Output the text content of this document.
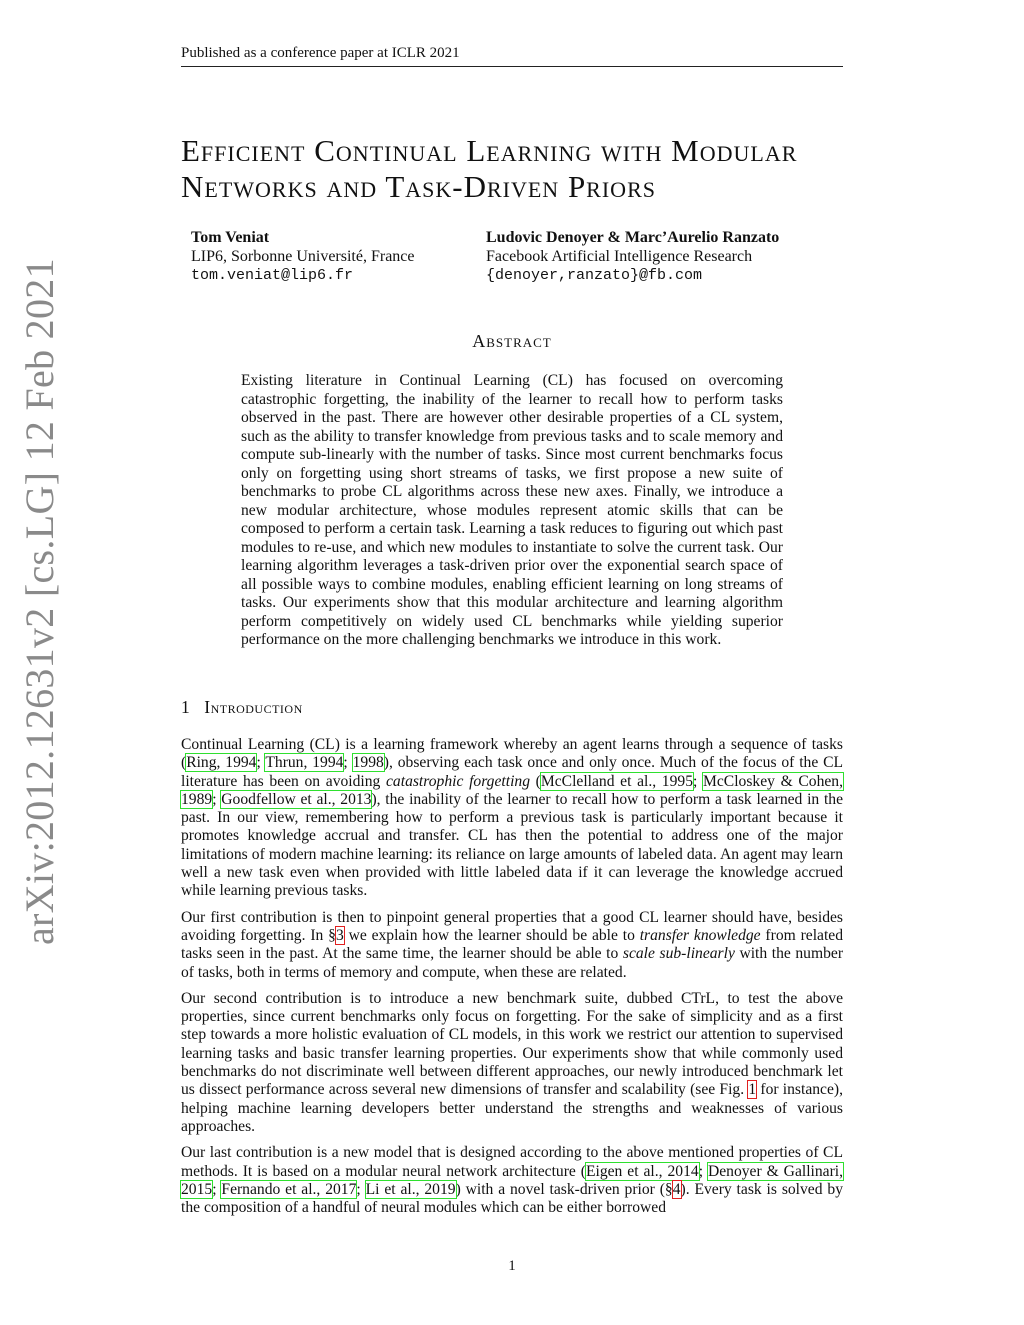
Published as a conference paper at ICLR 2021
arXiv:2012.12631v2 [cs.LG] 12 Feb 2021
Efficient Continual Learning with Modular
Networks and Task-Driven Priors
Tom Veniat
LIP6, Sorbonne Université, France
tom.veniat@lip6.fr
Ludovic Denoyer & Marc’Aurelio Ranzato
Facebook Artificial Intelligence Research
{denoyer,ranzato}@fb.com
Abstract

Existing literature in Continual Learning (CL) has focused on overcoming catastrophic forgetting, the inability of the learner to recall how to perform tasks observed in the past. There are however other desirable properties of a CL system, such as the ability to transfer knowledge from previous tasks and to scale memory and compute sub-linearly with the number of tasks. Since most current benchmarks focus only on forgetting using short streams of tasks, we first propose a new suite of benchmarks to probe CL algorithms across these new axes. Finally, we introduce a new modular architecture, whose modules represent atomic skills that can be composed to perform a certain task. Learning a task reduces to figuring out which past modules to re-use, and which new modules to instantiate to solve the current task. Our learning algorithm leverages a task-driven prior over the exponential search space of all possible ways to combine modules, enabling efficient learning on long streams of tasks. Our experiments show that this modular architecture and learning algorithm perform competitively on widely used CL benchmarks while yielding superior performance on the more challenging benchmarks we introduce in this work.

1 Introduction

Continual Learning (CL) is a learning framework whereby an agent learns through a sequence of tasks (Ring, 1994; Thrun, 1994; 1998), observing each task once and only once. Much of the focus of the CL literature has been on avoiding catastrophic forgetting (McClelland et al., 1995; McCloskey & Cohen, 1989; Goodfellow et al., 2013), the inability of the learner to recall how to perform a task learned in the past. In our view, remembering how to perform a previous task is particularly important because it promotes knowledge accrual and transfer. CL has then the potential to address one of the major limitations of modern machine learning: its reliance on large amounts of labeled data. An agent may learn well a new task even when provided with little labeled data if it can leverage the knowledge accrued while learning previous tasks.

Our first contribution is then to pinpoint general properties that a good CL learner should have, besides avoiding forgetting. In §3 we explain how the learner should be able to transfer knowledge from related tasks seen in the past. At the same time, the learner should be able to scale sub-linearly with the number of tasks, both in terms of memory and compute, when these are related.

Our second contribution is to introduce a new benchmark suite, dubbed CTrL, to test the above properties, since current benchmarks only focus on forgetting. For the sake of simplicity and as a first step towards a more holistic evaluation of CL models, in this work we restrict our attention to supervised learning tasks and basic transfer learning properties. Our experiments show that while commonly used benchmarks do not discriminate well between different approaches, our newly introduced benchmark let us dissect performance across several new dimensions of transfer and scalability (see Fig. 1 for instance), helping machine learning developers better understand the strengths and weaknesses of various approaches.

Our last contribution is a new model that is designed according to the above mentioned properties of CL methods. It is based on a modular neural network architecture (Eigen et al., 2014; Denoyer & Gallinari, 2015; Fernando et al., 2017; Li et al., 2019) with a novel task-driven prior (§4). Every task is solved by the composition of a handful of neural modules which can be either borrowed

1
